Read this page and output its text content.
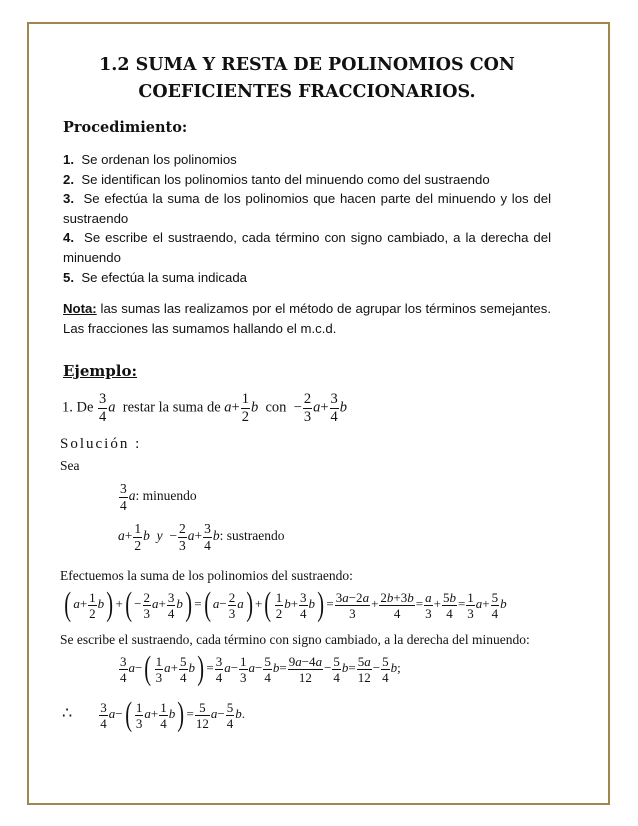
1.2 SUMA Y RESTA DE POLINOMIOS CON
COEFICIENTES FRACCIONARIOS.

Procedimiento:

1. Se ordenan los polinomios

2. Se identifican los polinomios tanto del minuendo como del sustraendo

3. Se efectúa la suma de los polinomios que hacen parte del minuendo y los del sustraendo

4. Se escribe el sustraendo, cada término con signo cambiado, a la derecha del minuendo

5. Se efectúa la suma indicada

Nota: las sumas las realizamos por el método de agrupar los términos semejantes. Las fracciones las sumamos hallando el m.c.d.

Ejemplo:
1. De $\frac{3}{4}$ a restar la suma de $a+ \frac{1}{2}$ b con  − $\frac{2}{3} a+ \frac{3}{4}$ b
Solución :
Sea
$\frac{3}{4} a$: minuendo
$a+ \frac{1}{2}$ b $y - \frac{2}{3} a+ \frac{3}{4} b$: sustraendo
Efectuemos la suma de los polinomios del sustraendo:
( $a+ \frac{1}{2} b$) +( − $\frac{2}{3} a+ \frac{3}{4} b$) =( $a- \frac{2}{3} a$) +( $\frac{1}{2} b+ \frac{3}{4} b) = \frac{3a-2a}{3} + \frac{2b+3b}{4} = \frac{a}{3} + \frac{5b}{4} = \frac{1}{3} a+ \frac{5}{4}$ b
Se escribe el sustraendo, cada término con signo cambiado, a la derecha del minuendo:
$\frac{3}{4} a-( \frac{1}{3} a+ \frac{5}{4} b) = \frac{3}{4} a- \frac{1}{3} a- \frac{5}{4} b= \frac{9a-4a}{12} - \frac{5}{4} b= \frac{5a}{12} - \frac{5}{4} b$;
∴ $\frac{3}{4} a-( \frac{1}{3} a+ \frac{1}{4} b) = \frac{5}{12} a- \frac{5}{4} b$.
